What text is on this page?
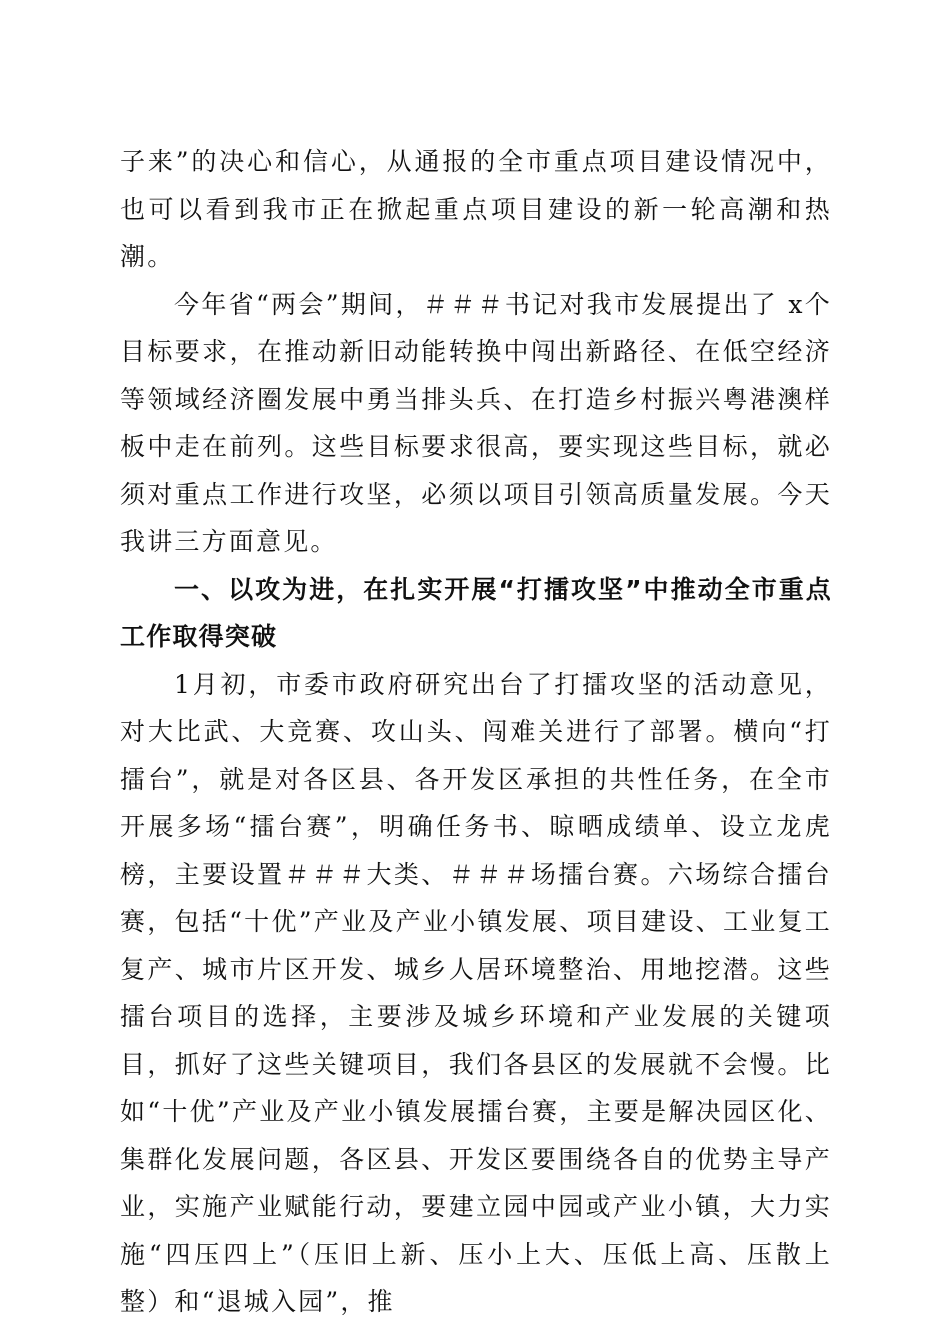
子来”的决心和信心，从通报的全市重点项目建设情况中，也可以看到我市正在掀起重点项目建设的新一轮高潮和热潮。

今年省“两会”期间，＃＃＃书记对我市发展提出了 x个目标要求，在推动新旧动能转换中闯出新路径、在低空经济等领域经济圈发展中勇当排头兵、在打造乡村振兴粤港澳样板中走在前列。这些目标要求很高，要实现这些目标，就必须对重点工作进行攻坚，必须以项目引领高质量发展。今天我讲三方面意见。

一、以攻为进，在扎实开展“打擂攻坚”中推动全市重点工作取得突破

1月初，市委市政府研究出台了打擂攻坚的活动意见，对大比武、大竞赛、攻山头、闯难关进行了部署。横向“打擂台”，就是对各区县、各开发区承担的共性任务，在全市开展多场“擂台赛”，明确任务书、晾晒成绩单、设立龙虎榜，主要设置＃＃＃大类、＃＃＃场擂台赛。六场综合擂台赛，包括“十优”产业及产业小镇发展、项目建设、工业复工复产、城市片区开发、城乡人居环境整治、用地挖潜。这些擂台项目的选择，主要涉及城乡环境和产业发展的关键项目，抓好了这些关键项目，我们各县区的发展就不会慢。比如“十优”产业及产业小镇发展擂台赛，主要是解决园区化、集群化发展问题，各区县、开发区要围绕各自的优势主导产业，实施产业赋能行动，要建立园中园或产业小镇，大力实施“四压四上”（压旧上新、压小上大、压低上高、压散上整）和“退城入园”，推
